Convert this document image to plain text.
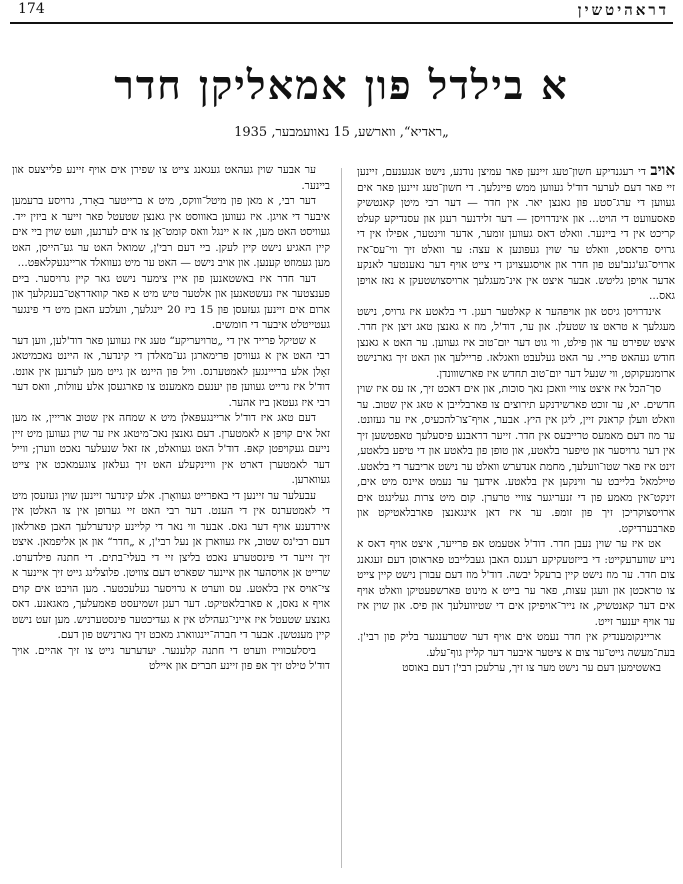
דראהיטשין
174
א בילדל פון אמאליקן חדר
„ראדיא“, ווארשע, 15 נאוועמבער, 1935

אויב די רעגנדיקע חשון־טעג זיינען פאר עמיצן נודנע, נישט אנגענעם, זיינען זיי פאר דעם לערער דוד'ל געווען ממש פיינלעך. די חשון־טעג זיינען פאר אים געווען די ערג־סטע פון גאנצן יאר. אין חדר — דער רבי מיטן קאנטשיק פאסעוועט די הויט... און אינדרויסן — דער זלידנער רעגן און עסנדיקע קעלט קריכט אין די ביינער. וואלט דאס געווען זומער, אדער ווינטער, אפילו אין די גרויס פראסט, וואלט ער שוין געפונען א עצה: ער וואלט זיך ווי־עס־איז ארויס־גע'גנב'עט פון חדר און אויסגעצויגן די צייט אויף דער נאענטער לאנקע אדער אויפן גליטש. אבער איצט אין אינ־מעגלעך ארויסצושטעקן א נאז אויפן גאס...

אינדרויסן גיסט און אויפהער א קאלטער רעגן. די בלאטע איז גרויס, נישט מעגלעך א טראט צו שטעלן. און ער, דוד'ל, מוז א גאנצן טאג זיצן אין חדר. איצט שפירט ער און פילט, ווי גוט דער יום־טוב איז געווען. ער האט א גאנצן חודש געהאט פריי. ער האט געלעבט וואגלאז. פריילעך און האט זיך גארנישט ארומגעקוקט, ווי שנעל דער יום־טוב תחדש איז פארשווונדן.

סך־הכל איז איצט צוויי וואכן נאך סוכות, און אים דאכט זיך, אז עס איז שוין חדשים. יא, ער זוכט פארשידנקע תירוצים צו פארבלייבן א טאג אין שטוב. ער וואלט וועלן קראנק זיין, ליגן אין היץ. אבער, אויף־צו־להכעיס, איז ער געזונט. ער מוז דעם מאמעס טרייבעס אין חדר. זייער דראבנע פיסעלעך טאפטשען זיך אין דער גרויסער און טיפער בלאטע, און טופן פון בלאטע און די טיפע בלאטע, זינט איז פאר שטו־וועלעך, מחמת אנדערש וואלט ער נישט אריבער די בלאטע. טיילמאל בלייבט ער ווינקען אין בלאטע. אידעך ער נעמט איינס מיט אים, זינקט־אין מאמע פון די זנעריגער צוויי טרערן. קום מיט צרות געלינגט אים ארויסצוקריכן זיך פון זומפּ. ער איז דאן אינגאנצן פארבלאטיקט און פארבערדיקט.

אט איז ער שוין נעבן חדר. דוד'ל אטעמט אפ פרייער, איצט אויף דאס א נייע שווערעקייט: די בייזטעקיקע רעגנס האבן געבלייבט פאראוסן דעם זעגאנג צום חדר. ער מוז נישט קיין ברעקל יבשה. דוד'ל מוז דעם עבורן נישט קיין צייט צו טראכטן און וועגן עצות, פאר ער בייט א מינוט פארשפעטיקן וואלט אויף אים דער קאנטשיק, אז נייר־אויפיקן אים די שטיוועלעך און פיס. און שוין איז ער אויף יענער זייט.

אריינקומענדיק אין חדר נעמט אים אויף דער שטרענגער בליק פון רבי'ן. בעת־מעשה גייט־ער צום א ציטער איבער דער קליין גוף־עלע.

באשטימען דעם ער נישט מער צו זיך, ערלעכן רבי'ן דעם באוסט

ער אבער שוין געהאט געגאנג צייט צו שפירן אים אויף זיינע פלייצעס און ביינער.

דער רבי, א מאן פון מיטל־וווקס, מיט א ברייטער באָרד, גרויסע ברעמען איבער די אויגן. איז געווען באוווסט אין גאנצן שטעטל פאר זייער א ביזין ייד. געוויסט האט מען, אז א יינגל וואס קומט־אָן צו אים לערנען, וועט שוין ביי אים קיין האגיע נישט קיין לעקן. ביי דעם רבי'ן, שמואל האט ער גע־הייסן, האט מען געמוזט קענען. און אויב נישט — האט ער מיט געוואלד אריינגעקלאפּט...

דער חדר איז באשטאנען פון איין צימער נישט גאר קיין גרויסער. ביים פענצטער איז געשטאנען און אלטער טיש מיט א פאר קוואדראַט־בענקלעך און ארום אים זיינען געזעסן פון 15 ביז 20 יינגלעך, וועלכע האבן מיט די פינגער געטייטלט איבער די חומשים.

א שטיקל פרייד אין די „טרויעריקע“ טעג איז געווען פאר דוד'לען, ווען דער רבי האט אין א געוויסן פרימארגן גע־מאלדן די קינדער, אז היינט נאכמיטאג זאָלן אלע ברייינגען לאמטערנס. וויל פון היינט אן גייט מען לערנען אין אונט. דוד'ל איז גרייט געווען פון יענעם מאמענט צו פארגעסן אלע עוולות, וואס דער רבי איז געטאן ביז אהער.

דעם טאג איז דוד'ל אריינגעפאלן מיט א שמחה אין שטוב ארייין, אז מען זאל אים קויפן א לאמטערן. דעם גאנצן נאכ־מיטאג איז ער שוין געווען מיט זיין נייעם געקויפטן קאפּ. דוד'ל האט געוואלט, אז זאל שנעלער נאכט ווערן; ווייל דער לאמטערן דארט אין וויינקעלע האט זיך געלאזן צוגעמאכט אין צייט געווארען.

עבעלער ער זיינען די באפרייט געוואָרן. אלע קינדער זיינען שוין געזעסן מיט די לאמטערנס אין די הענט. דער רבי האט זיי גערופן אין צו האלטן אין אירדענע אויף דער גאס. אבער ווי נאר די קליינע קינדערלעך האבן פארלאזן דעם רבי'נס שטוב, איז געווארן אן נעל רבי'ן, א „חדר“ און אן אליפמאן. איצט זיך זייער די פינסטערע נאכט בליצן זיי די בעלי־בתים. די חתנה פילדערט. שרייט אן אויסהער און איינער שפארט דעם צוויטן. פלוצלינג גייט זיך איינער א צי־אויס אין בלאטע. עס ווערט א גרויסער געלעכטער. מען הויבט אים קוים אויף א נאסן, א פארבלאטיקט. דער רעגן זשמיעסט פאמעלעך, מאגאנע. דאס גאנצע שטעטל איז אייני־געהילט אין א געדיכטער פינסטערניש. מען זעט נישט קיין מענטשן. אבער די חברה־יינגווארג מאכט זיך גארנישט פון דעם.

ביסלעכווייז ווערט די חתנה קלענער. יעדערער גייט צו זיך אהיים. אויך דוד'ל טילט זיך אפּ פון זיינע חברים און איילט
